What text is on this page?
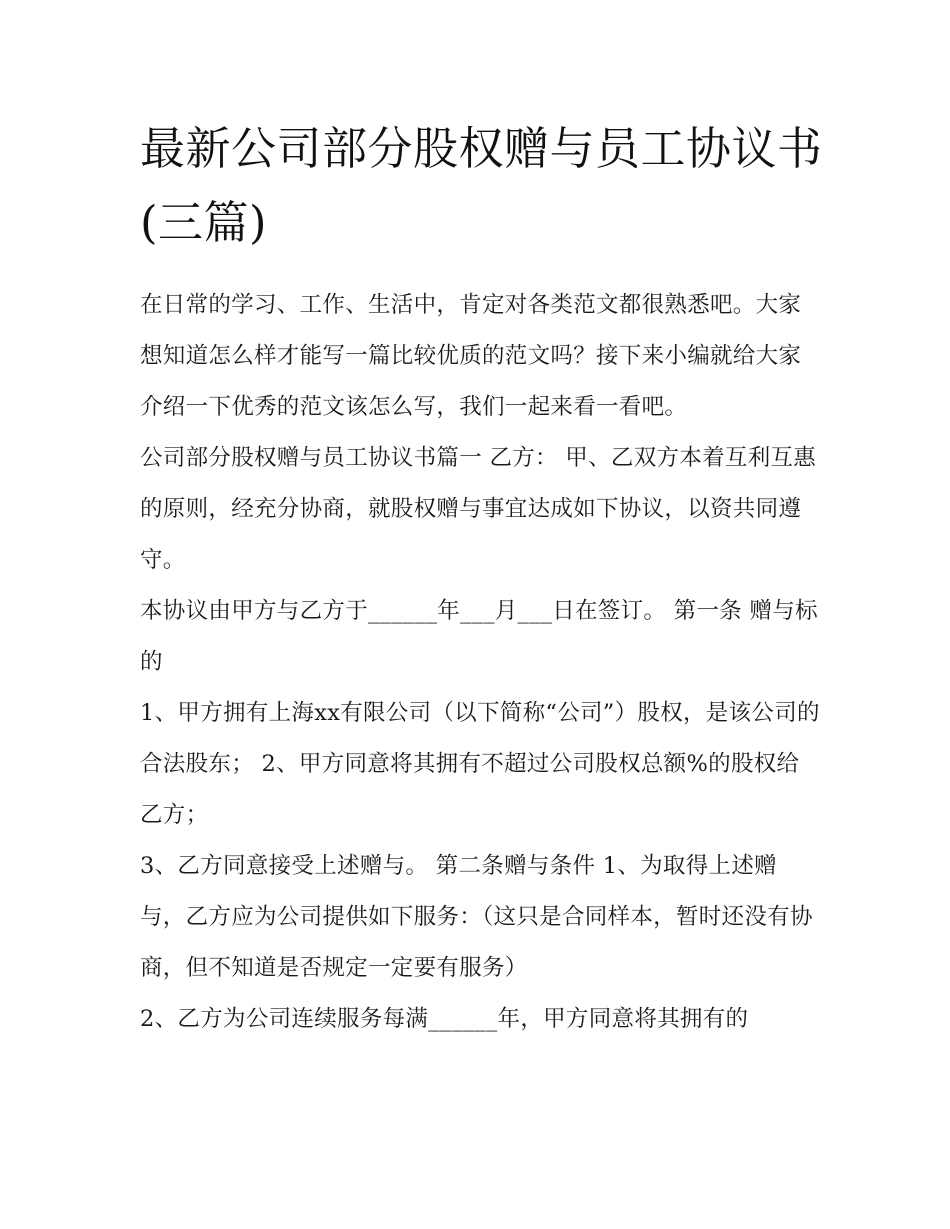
最新公司部分股权赠与员工协议书(三篇)

在日常的学习、工作、生活中，肯定对各类范文都很熟悉吧。大家想知道怎么样才能写一篇比较优质的范文吗？接下来小编就给大家介绍一下优秀的范文该怎么写，我们一起来看一看吧。

公司部分股权赠与员工协议书篇一 乙方： 甲、乙双方本着互利互惠的原则，经充分协商，就股权赠与事宜达成如下协议，以资共同遵守。

本协议由甲方与乙方于______年___月___日在签订。 第一条 赠与标的

1、甲方拥有上海xx有限公司（以下简称“公司”）股权，是该公司的合法股东； 2、甲方同意将其拥有不超过公司股权总额%的股权给乙方；

3、乙方同意接受上述赠与。 第二条赠与条件 1、为取得上述赠与，乙方应为公司提供如下服务：（这只是合同样本，暂时还没有协商，但不知道是否规定一定要有服务）

2、乙方为公司连续服务每满______年，甲方同意将其拥有的
